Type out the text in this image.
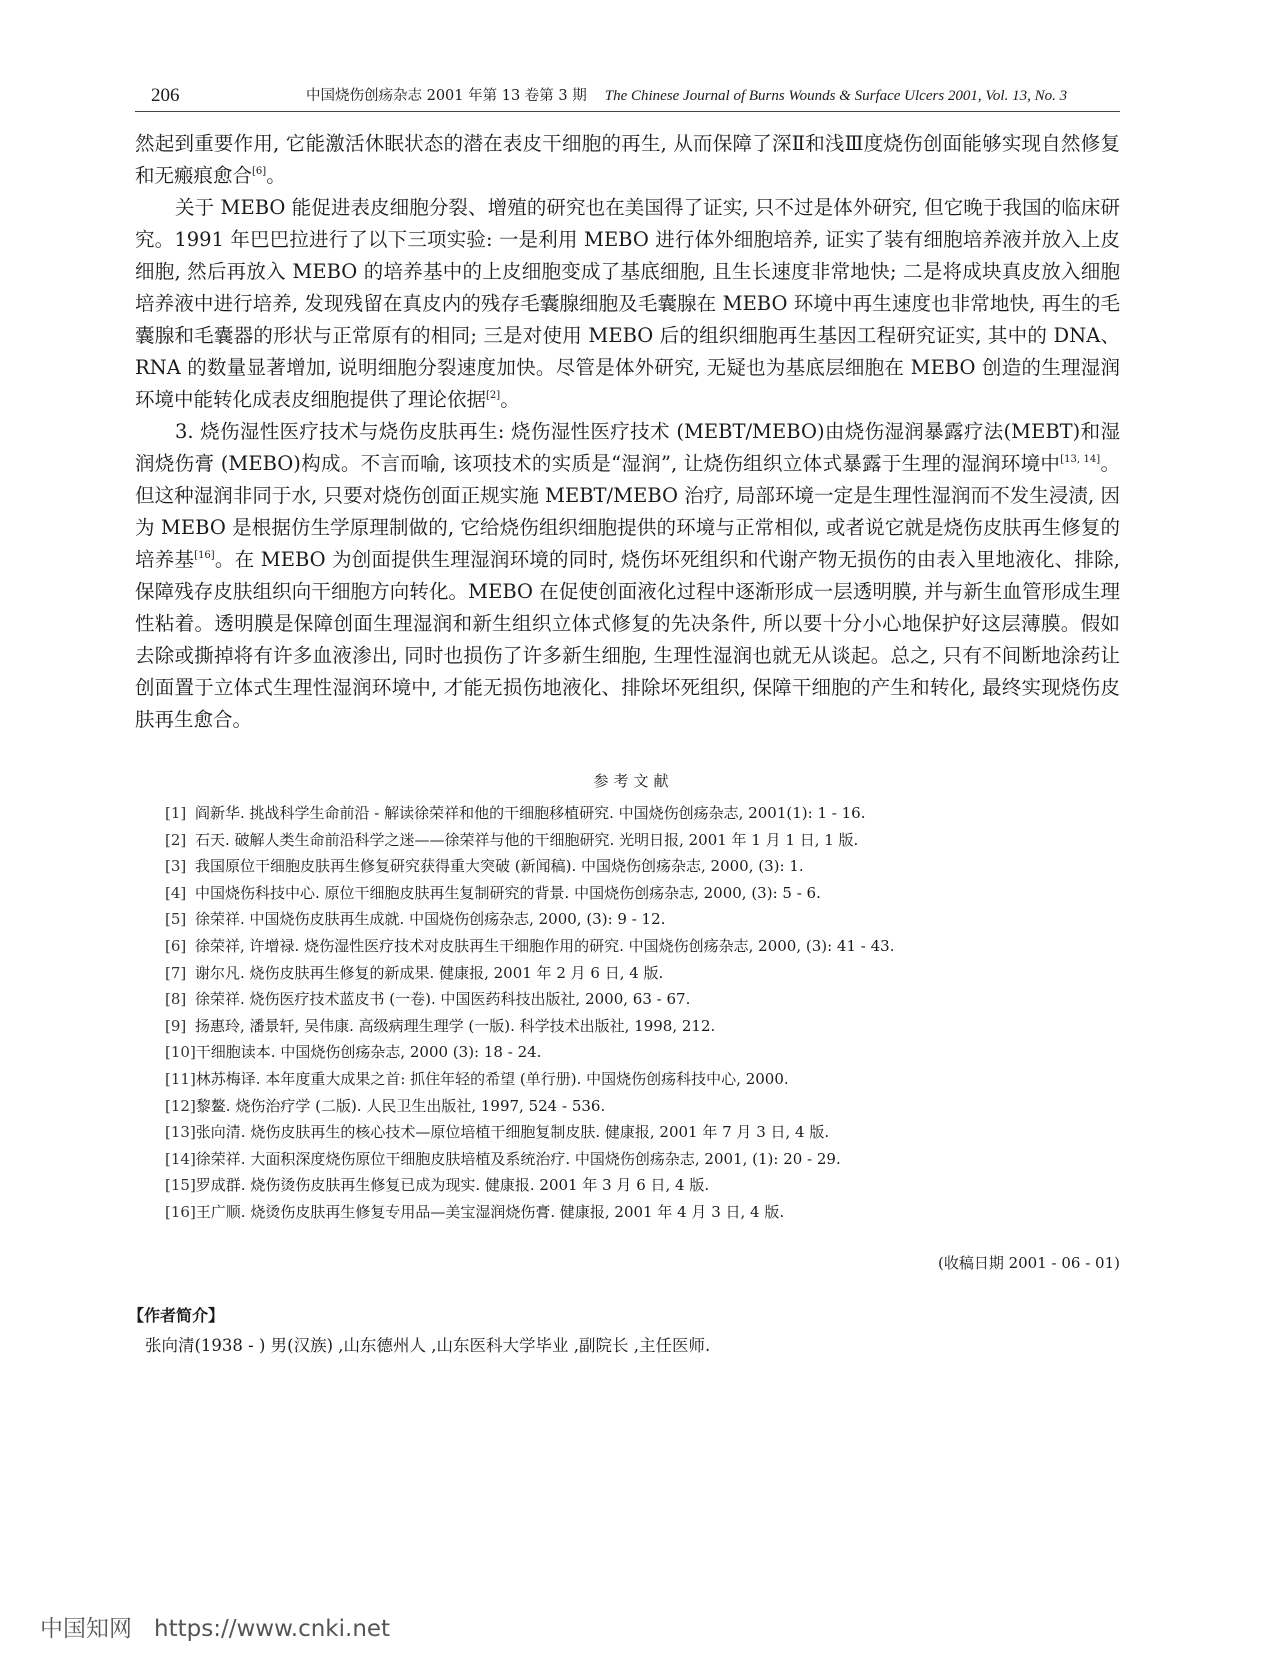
206	中国烧伤创疡杂志 2001 年第 13 卷第 3 期 The Chinese Journal of Burns Wounds & Surface Ulcers 2001, Vol. 13, No. 3

然起到重要作用, 它能激活休眠状态的潜在表皮干细胞的再生, 从而保障了深Ⅱ和浅Ⅲ度烧伤创面能够实现自然修复和无瘢痕愈合[6]。

关于 MEBO 能促进表皮细胞分裂、增殖的研究也在美国得了证实, 只不过是体外研究, 但它晚于我国的临床研究。1991 年巴巴拉进行了以下三项实验: 一是利用 MEBO 进行体外细胞培养, 证实了装有细胞培养液并放入上皮细胞, 然后再放入 MEBO 的培养基中的上皮细胞变成了基底细胞, 且生长速度非常地快; 二是将成块真皮放入细胞培养液中进行培养, 发现残留在真皮内的残存毛囊腺细胞及毛囊腺在 MEBO 环境中再生速度也非常地快, 再生的毛囊腺和毛囊器的形状与正常原有的相同; 三是对使用 MEBO 后的组织细胞再生基因工程研究证实, 其中的 DNA、RNA 的数量显著增加, 说明细胞分裂速度加快。尽管是体外研究, 无疑也为基底层细胞在 MEBO 创造的生理湿润环境中能转化成表皮细胞提供了理论依据[2]。

3. 烧伤湿性医疗技术与烧伤皮肤再生: 烧伤湿性医疗技术 (MEBT/MEBO)由烧伤湿润暴露疗法(MEBT)和湿润烧伤膏 (MEBO)构成。不言而喻, 该项技术的实质是“湿润”, 让烧伤组织立体式暴露于生理的湿润环境中[13, 14]。但这种湿润非同于水, 只要对烧伤创面正规实施 MEBT/MEBO 治疗, 局部环境一定是生理性湿润而不发生浸渍, 因为 MEBO 是根据仿生学原理制做的, 它给烧伤组织细胞提供的环境与正常相似, 或者说它就是烧伤皮肤再生修复的培养基[16]。在 MEBO 为创面提供生理湿润环境的同时, 烧伤坏死组织和代谢产物无损伤的由表入里地液化、排除, 保障残存皮肤组织向干细胞方向转化。MEBO 在促使创面液化过程中逐渐形成一层透明膜, 并与新生血管形成生理性粘着。透明膜是保障创面生理湿润和新生组织立体式修复的先决条件, 所以要十分小心地保护好这层薄膜。假如去除或撕掉将有许多血液渗出, 同时也损伤了许多新生细胞, 生理性湿润也就无从谈起。总之, 只有不间断地涂药让创面置于立体式生理性湿润环境中, 才能无损伤地液化、排除坏死组织, 保障干细胞的产生和转化, 最终实现烧伤皮肤再生愈合。

参考文献
[1] 阎新华. 挑战科学生命前沿 - 解读徐荣祥和他的干细胞移植研究. 中国烧伤创疡杂志, 2001(1): 1 - 16.
[2] 石天. 破解人类生命前沿科学之迷——徐荣祥与他的干细胞研究. 光明日报, 2001 年 1 月 1 日, 1 版.
[3] 我国原位干细胞皮肤再生修复研究获得重大突破 (新闻稿). 中国烧伤创疡杂志, 2000, (3): 1.
[4] 中国烧伤科技中心. 原位干细胞皮肤再生复制研究的背景. 中国烧伤创疡杂志, 2000, (3): 5 - 6.
[5] 徐荣祥. 中国烧伤皮肤再生成就. 中国烧伤创疡杂志, 2000, (3): 9 - 12.
[6] 徐荣祥, 许增禄. 烧伤湿性医疗技术对皮肤再生干细胞作用的研究. 中国烧伤创疡杂志, 2000, (3): 41 - 43.
[7] 谢尔凡. 烧伤皮肤再生修复的新成果. 健康报, 2001 年 2 月 6 日, 4 版.
[8] 徐荣祥. 烧伤医疗技术蓝皮书 (一卷). 中国医药科技出版社, 2000, 63 - 67.
[9] 扬惠玲, 潘景轩, 吴伟康. 高级病理生理学 (一版). 科学技术出版社, 1998, 212.
[10]干细胞读本. 中国烧伤创疡杂志, 2000 (3): 18 - 24.
[11]林苏梅译. 本年度重大成果之首: 抓住年轻的希望 (单行册). 中国烧伤创疡科技中心, 2000.
[12]黎鳌. 烧伤治疗学 (二版). 人民卫生出版社, 1997, 524 - 536.
[13]张向清. 烧伤皮肤再生的核心技术—原位培植干细胞复制皮肤. 健康报, 2001 年 7 月 3 日, 4 版.
[14]徐荣祥. 大面积深度烧伤原位干细胞皮肤培植及系统治疗. 中国烧伤创疡杂志, 2001, (1): 20 - 29.
[15]罗成群. 烧伤烫伤皮肤再生修复已成为现实. 健康报. 2001 年 3 月 6 日, 4 版.
[16]王广顺. 烧烫伤皮肤再生修复专用品—美宝湿润烧伤膏. 健康报, 2001 年 4 月 3 日, 4 版.
(收稿日期 2001 - 06 - 01)
【作者简介】
张向清(1938 - ) 男(汉族) ,山东德州人 ,山东医科大学毕业 ,副院长 ,主任医师.
中国知网 https://www.cnki.net
